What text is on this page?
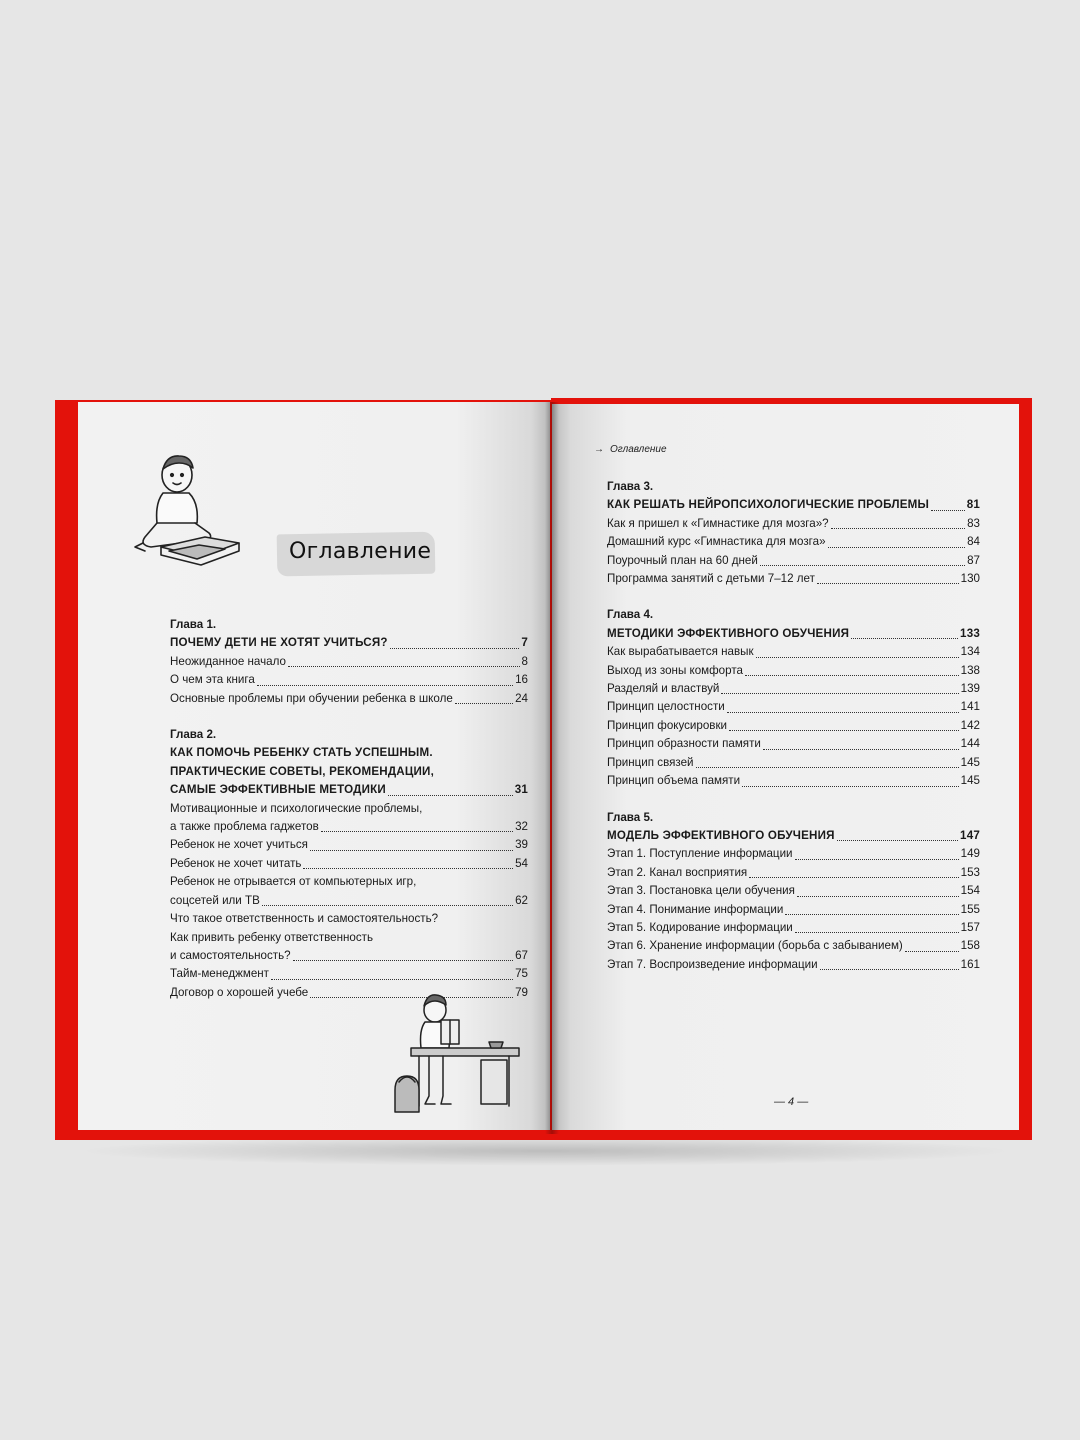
Оглавление
Глава 1.
ПОЧЕМУ ДЕТИ НЕ ХОТЯТ УЧИТЬСЯ?	7
Неожиданное начало	8
О чем эта книга	16
Основные проблемы при обучении ребенка в школе	24
Глава 2.
КАК ПОМОЧЬ РЕБЕНКУ СТАТЬ УСПЕШНЫМ.
ПРАКТИЧЕСКИЕ СОВЕТЫ, РЕКОМЕНДАЦИИ,
САМЫЕ ЭФФЕКТИВНЫЕ МЕТОДИКИ	31
Мотивационные и психологические проблемы,
а также проблема гаджетов	32
Ребенок не хочет учиться	39
Ребенок не хочет читать	54
Ребенок не отрывается от компьютерных игр,
соцсетей или ТВ	62
Что такое ответственность и самостоятельность?
Как привить ребенку ответственность
и самостоятельность?	67
Тайм-менеджмент	75
Договор о хорошей учебе	79
→ Оглавление
Глава 3.
КАК РЕШАТЬ НЕЙРОПСИХОЛОГИЧЕСКИЕ ПРОБЛЕМЫ	81
Как я пришел к «Гимнастике для мозга»?	83
Домашний курс «Гимнастика для мозга»	84
Поурочный план на 60 дней	87
Программа занятий с детьми 7–12 лет	130
Глава 4.
МЕТОДИКИ ЭФФЕКТИВНОГО ОБУЧЕНИЯ	133
Как вырабатывается навык	134
Выход из зоны комфорта	138
Разделяй и властвуй	139
Принцип целостности	141
Принцип фокусировки	142
Принцип образности памяти	144
Принцип связей	145
Принцип объема памяти	145
Глава 5.
МОДЕЛЬ ЭФФЕКТИВНОГО ОБУЧЕНИЯ	147
Этап 1. Поступление информации	149
Этап 2. Канал восприятия	153
Этап 3. Постановка цели обучения	154
Этап 4. Понимание информации	155
Этап 5. Кодирование информации	157
Этап 6. Хранение информации (борьба с забыванием)	158
Этап 7. Воспроизведение информации	161
— 4 —
